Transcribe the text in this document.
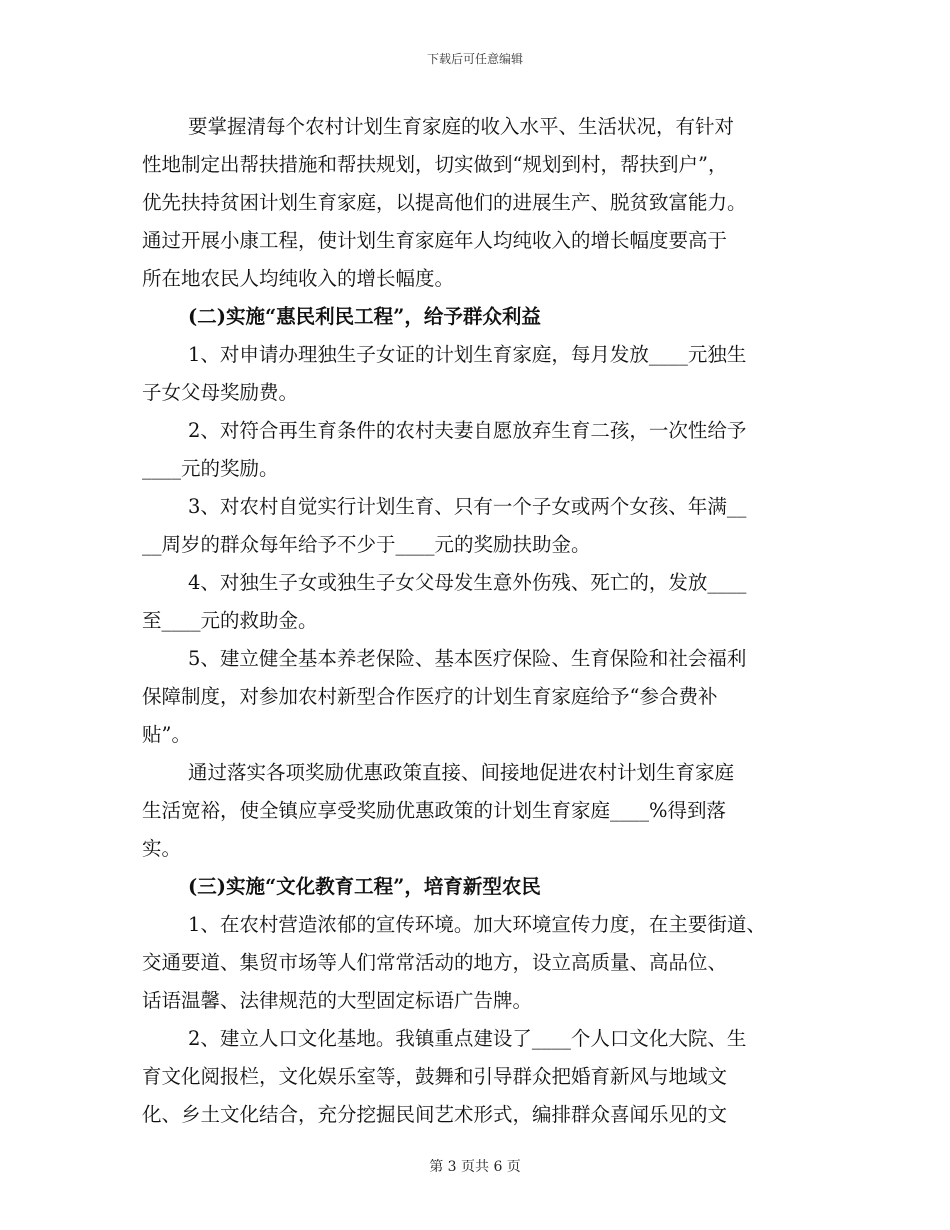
下载后可任意编辑
要掌握清每个农村计划生育家庭的收入水平、生活状况，有针对
性地制定出帮扶措施和帮扶规划，切实做到“规划到村，帮扶到户”，
优先扶持贫困计划生育家庭，以提高他们的进展生产、脱贫致富能力。
通过开展小康工程，使计划生育家庭年人均纯收入的增长幅度要高于
所在地农民人均纯收入的增长幅度。
(二)实施“惠民利民工程”，给予群众利益
1、对申请办理独生子女证的计划生育家庭，每月发放____元独生
子女父母奖励费。
2、对符合再生育条件的农村夫妻自愿放弃生育二孩，一次性给予
____元的奖励。
3、对农村自觉实行计划生育、只有一个子女或两个女孩、年满__
__周岁的群众每年给予不少于____元的奖励扶助金。
4、对独生子女或独生子女父母发生意外伤残、死亡的，发放____
至____元的救助金。
5、建立健全基本养老保险、基本医疗保险、生育保险和社会福利
保障制度，对参加农村新型合作医疗的计划生育家庭给予“参合费补
贴”。
通过落实各项奖励优惠政策直接、间接地促进农村计划生育家庭
生活宽裕，使全镇应享受奖励优惠政策的计划生育家庭____%得到落
实。
(三)实施“文化教育工程”，培育新型农民
1、在农村营造浓郁的宣传环境。加大环境宣传力度，在主要街道、
交通要道、集贸市场等人们常常活动的地方，设立高质量、高品位、
话语温馨、法律规范的大型固定标语广告牌。
2、建立人口文化基地。我镇重点建设了____个人口文化大院、生
育文化阅报栏，文化娱乐室等，鼓舞和引导群众把婚育新风与地域文
化、乡土文化结合，充分挖掘民间艺术形式，编排群众喜闻乐见的文
第 3 页共 6 页
